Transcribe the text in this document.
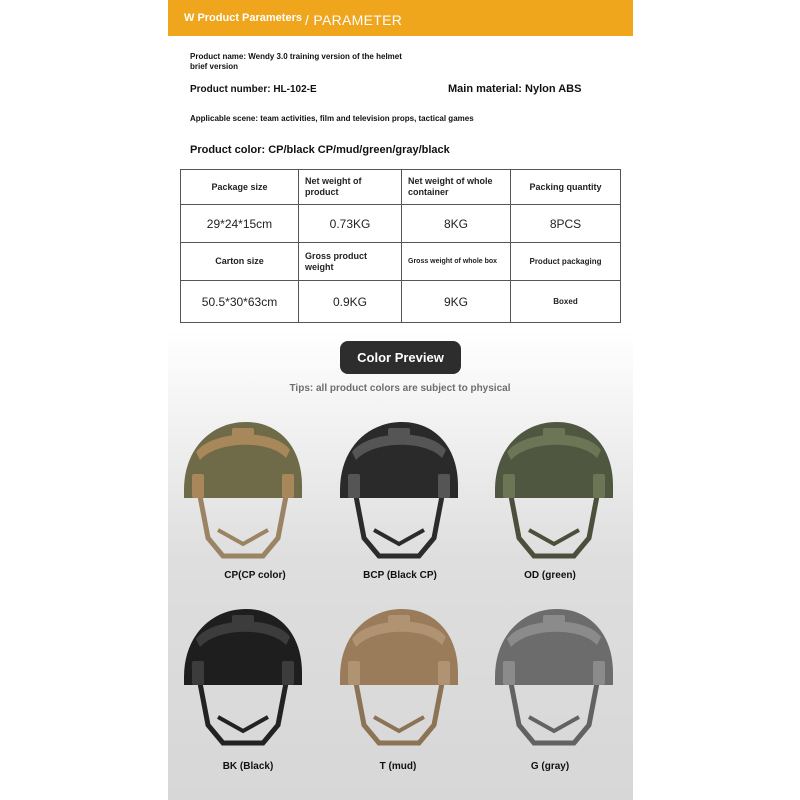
W Product Parameters / PARAMETER
Product name: Wendy 3.0 training version of the helmet
brief version
Product number: HL-102-E	Main material: Nylon ABS
Applicable scene: team activities, film and television props, tactical games
Product color: CP/black CP/mud/green/gray/black
Package size	Net weight of product	Net weight of whole container	Packing quantity
29*24*15cm	0.73KG	8KG	8PCS
Carton size	Gross product weight	Gross weight of whole box	Product packaging
50.5*30*63cm	0.9KG	9KG	Boxed
Color Preview
Tips: all product colors are subject to physical
CP(CP color)	BCP (Black CP)	OD (green)
BK (Black)	T (mud)	G (gray)
